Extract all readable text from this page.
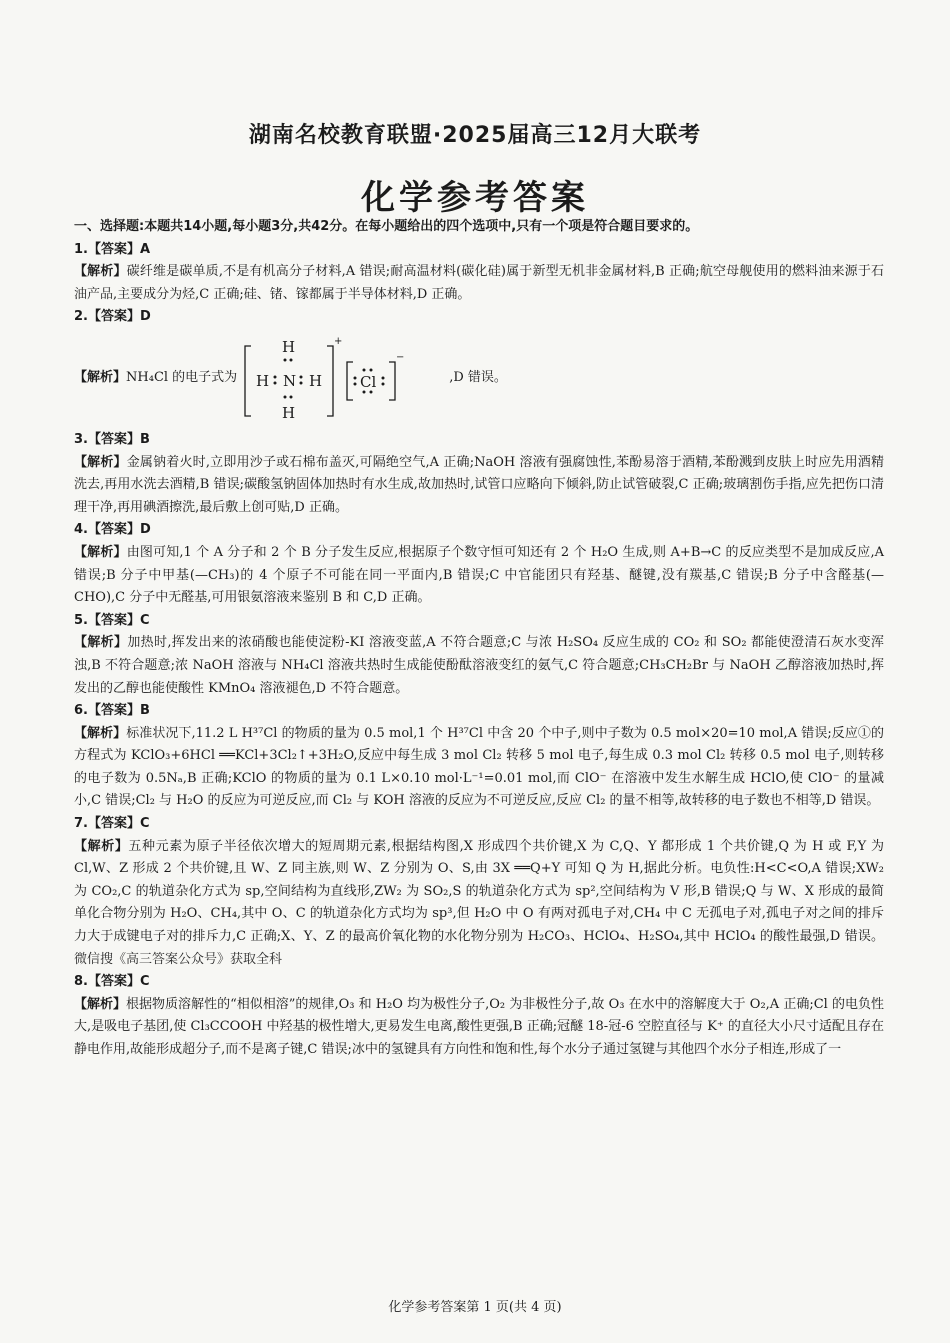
湖南名校教育联盟·2025届高三12月大联考
化学参考答案
一、选择题:本题共14小题,每小题3分,共42分。在每小题给出的四个选项中,只有一个项是符合题目要求的。
1.【答案】A
【解析】碳纤维是碳单质,不是有机高分子材料,A 错误;耐高温材料(碳化硅)属于新型无机非金属材料,B 正确;航空母舰使用的燃料油来源于石油产品,主要成分为烃,C 正确;硅、锗、镓都属于半导体材料,D 正确。
2.【答案】D
【解析】 NH₄Cl 的电子式为
H
H N H
H
Cl
+
−
,D 错误。
3.【答案】B
【解析】金属钠着火时,立即用沙子或石棉布盖灭,可隔绝空气,A 正确;NaOH 溶液有强腐蚀性,苯酚易溶于酒精,苯酚溅到皮肤上时应先用酒精洗去,再用水洗去酒精,B 错误;碳酸氢钠固体加热时有水生成,故加热时,试管口应略向下倾斜,防止试管破裂,C 正确;玻璃割伤手指,应先把伤口清理干净,再用碘酒擦洗,最后敷上创可贴,D 正确。
4.【答案】D
【解析】由图可知,1 个 A 分子和 2 个 B 分子发生反应,根据原子个数守恒可知还有 2 个 H₂O 生成,则 A+B→C 的反应类型不是加成反应,A 错误;B 分子中甲基(—CH₃)的 4 个原子不可能在同一平面内,B 错误;C 中官能团只有羟基、醚键,没有羰基,C 错误;B 分子中含醛基(—CHO),C 分子中无醛基,可用银氨溶液来鉴别 B 和 C,D 正确。
5.【答案】C
【解析】加热时,挥发出来的浓硝酸也能使淀粉-KI 溶液变蓝,A 不符合题意;C 与浓 H₂SO₄ 反应生成的 CO₂ 和 SO₂ 都能使澄清石灰水变浑浊,B 不符合题意;浓 NaOH 溶液与 NH₄Cl 溶液共热时生成能使酚酞溶液变红的氨气,C 符合题意;CH₃CH₂Br 与 NaOH 乙醇溶液加热时,挥发出的乙醇也能使酸性 KMnO₄ 溶液褪色,D 不符合题意。
6.【答案】B
【解析】标准状况下,11.2 L H³⁷Cl 的物质的量为 0.5 mol,1 个 H³⁷Cl 中含 20 个中子,则中子数为 0.5 mol×20=10 mol,A 错误;反应①的方程式为 KClO₃+6HCl ══KCl+3Cl₂↑+3H₂O,反应中每生成 3 mol Cl₂ 转移 5 mol 电子,每生成 0.3 mol Cl₂ 转移 0.5 mol 电子,则转移的电子数为 0.5Nₐ,B 正确;KClO 的物质的量为 0.1 L×0.10 mol·L⁻¹=0.01 mol,而 ClO⁻ 在溶液中发生水解生成 HClO,使 ClO⁻ 的量减小,C 错误;Cl₂ 与 H₂O 的反应为可逆反应,而 Cl₂ 与 KOH 溶液的反应为不可逆反应,反应 Cl₂ 的量不相等,故转移的电子数也不相等,D 错误。
7.【答案】C
【解析】五种元素为原子半径依次增大的短周期元素,根据结构图,X 形成四个共价键,X 为 C,Q、Y 都形成 1 个共价键,Q 为 H 或 F,Y 为 Cl,W、Z 形成 2 个共价键,且 W、Z 同主族,则 W、Z 分别为 O、S,由 3X ══Q+Y 可知 Q 为 H,据此分析。电负性:H<C<O,A 错误;XW₂ 为 CO₂,C 的轨道杂化方式为 sp,空间结构为直线形,ZW₂ 为 SO₂,S 的轨道杂化方式为 sp²,空间结构为 V 形,B 错误;Q 与 W、X 形成的最简单化合物分别为 H₂O、CH₄,其中 O、C 的轨道杂化方式均为 sp³,但 H₂O 中 O 有两对孤电子对,CH₄ 中 C 无孤电子对,孤电子对之间的排斥力大于成键电子对的排斥力,C 正确;X、Y、Z 的最高价氧化物的水化物分别为 H₂CO₃、HClO₄、H₂SO₄,其中 HClO₄ 的酸性最强,D 错误。微信搜《高三答案公众号》获取全科
8.【答案】C
【解析】根据物质溶解性的“相似相溶”的规律,O₃ 和 H₂O 均为极性分子,O₂ 为非极性分子,故 O₃ 在水中的溶解度大于 O₂,A 正确;Cl 的电负性大,是吸电子基团,使 Cl₃CCOOH 中羟基的极性增大,更易发生电离,酸性更强,B 正确;冠醚 18-冠-6 空腔直径与 K⁺ 的直径大小尺寸适配且存在静电作用,故能形成超分子,而不是离子键,C 错误;冰中的氢键具有方向性和饱和性,每个水分子通过氢键与其他四个水分子相连,形成了一
化学参考答案第 1 页(共 4 页)
